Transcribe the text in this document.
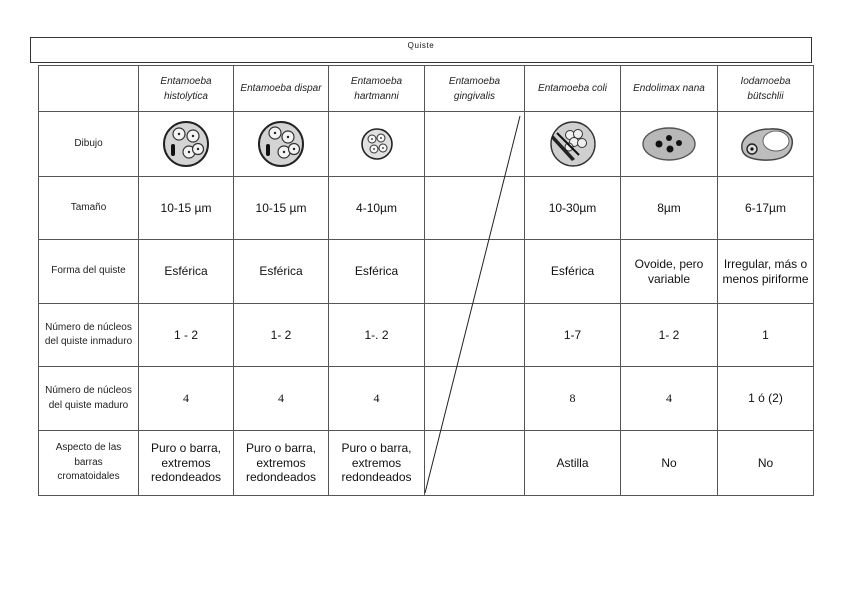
Quiste
	Entamoeba histolytica	Entamoeba dispar	Entamoeba hartmanni	Entamoeba gingivalis	Entamoeba coli	Endolimax nana	Iodamoeba bütschlii
Dibujo	

Tamaño	10-15 µm	10-15 µm	4-10µm		10-30µm	8µm	6-17µm
Forma del quiste	Esférica	Esférica	Esférica		Esférica	Ovoide, pero variable	Irregular, más o menos piriforme
Número de núcleos del quiste inmaduro	1 - 2	1- 2	1-. 2		1-7	1- 2	1
Número de núcleos del quiste maduro	4	4	4		8	4	1 ó (2)
Aspecto de las barras cromatoidales	Puro o barra, extremos redondeados	Puro o barra, extremos redondeados	Puro o barra, extremos redondeados		Astilla	No	No
